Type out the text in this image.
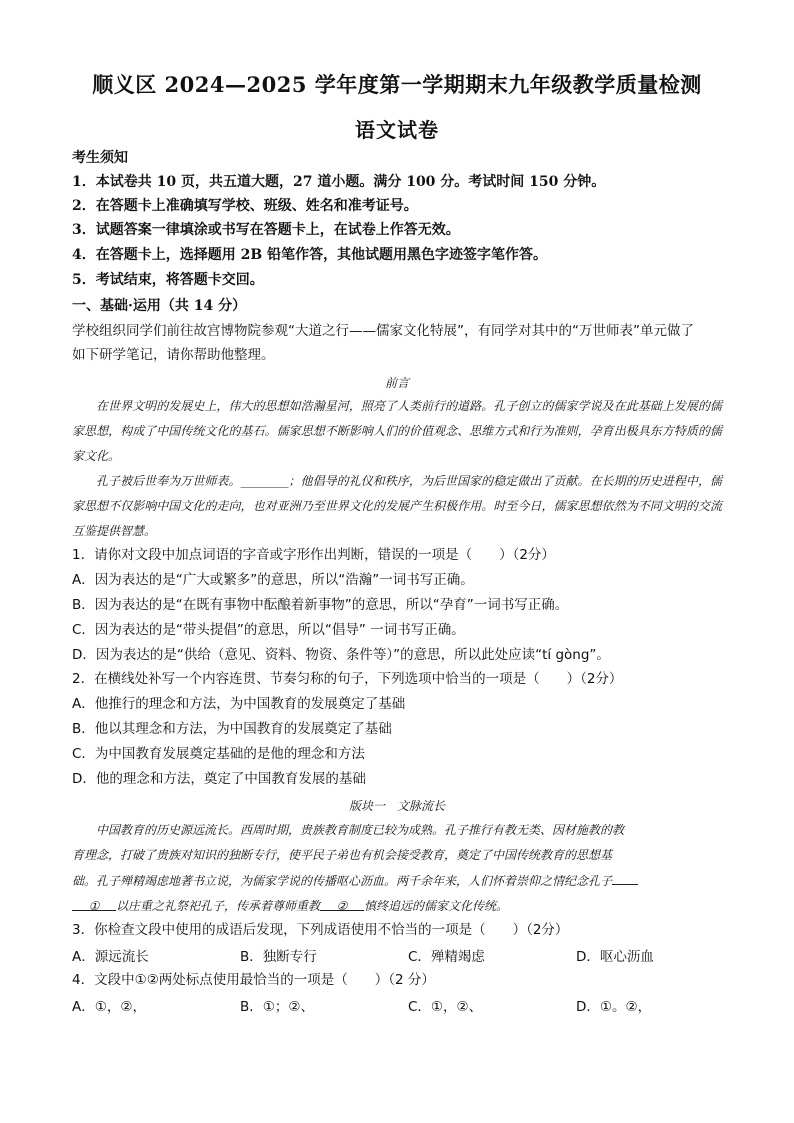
顺义区 2024—2025 学年度第一学期期末九年级教学质量检测
语文试卷
考生须知
1．本试卷共 10 页，共五道大题，27 道小题。满分 100 分。考试时间 150 分钟。
2．在答题卡上准确填写学校、班级、姓名和准考证号。
3．试题答案一律填涂或书写在答题卡上，在试卷上作答无效。
4．在答题卡上，选择题用 2B 铅笔作答，其他试题用黑色字迹签字笔作答。
5．考试结束，将答题卡交回。
一、基础·运用（共 14 分）
学校组织同学们前往故宫博物院参观“大道之行——儒家文化特展”，有同学对其中的“万世师表”单元做了
如下研学笔记，请你帮助他整理。
前言

在世界文明的发展史上，伟大的思想如浩瀚星河，照亮了人类前行的道路。孔子创立的儒家学说及在此基础上发展的儒家思想，构成了中国传统文化的基石。儒家思想不断影响人们的价值观念、思维方式和行为准则，孕育出极具东方特质的儒家文化。

孔子被后世奉为万世师表。________；他倡导的礼仪和秩序，为后世国家的稳定做出了贡献。在长期的历史进程中，儒家思想不仅影响中国文化的走向，也对亚洲乃至世界文化的发展产生积极作用。时至今日，儒家思想依然为不同文明的交流互鉴提供智慧。

1．请你对文段中加点词语的字音或字形作出判断，错误的一项是（　　）（2分）
A．因为表达的是“广大或繁多”的意思，所以“浩瀚”一词书写正确。
B．因为表达的是“在既有事物中酝酿着新事物”的意思，所以“孕育”一词书写正确。
C．因为表达的是“带头提倡”的意思，所以“倡导” 一词书写正确。
D．因为表达的是“供给（意见、资料、物资、条件等）”的意思，所以此处应读“tí gòng”。
2．在横线处补写一个内容连贯、节奏匀称的句子，下列选项中恰当的一项是（　　）（2分）
A．他推行的理念和方法，为中国教育的发展奠定了基础
B．他以其理念和方法，为中国教育的发展奠定了基础
C．为中国教育发展奠定基础的是他的理念和方法
D．他的理念和方法，奠定了中国教育发展的基础
版块一　文脉流长
中国教育的历史源远流长。西周时期，贵族教育制度已较为成熟。孔子推行有教无类、因材施教的教
育理念，打破了贵族对知识的独断专行，使平民子弟也有机会接受教育，奠定了中国传统教育的思想基
础。孔子殚精竭虑地著书立说，为儒家学说的传播呕心沥血。两千余年来，人们怀着崇仰之情纪念孔子
① 以庄重之礼祭祀孔子，传承着尊师重教 ② 慎终追远的儒家文化传统。
3．你检查文段中使用的成语后发现，下列成语使用不恰当的一项是（　　）（2分）
A．源远流长	B．独断专行	C．殚精竭虑	D．呕心沥血
4．文段中①②两处标点使用最恰当的一项是（　　）（2 分）
A．①，②，	B．①；②、	C．①，②、	D．①。②，
